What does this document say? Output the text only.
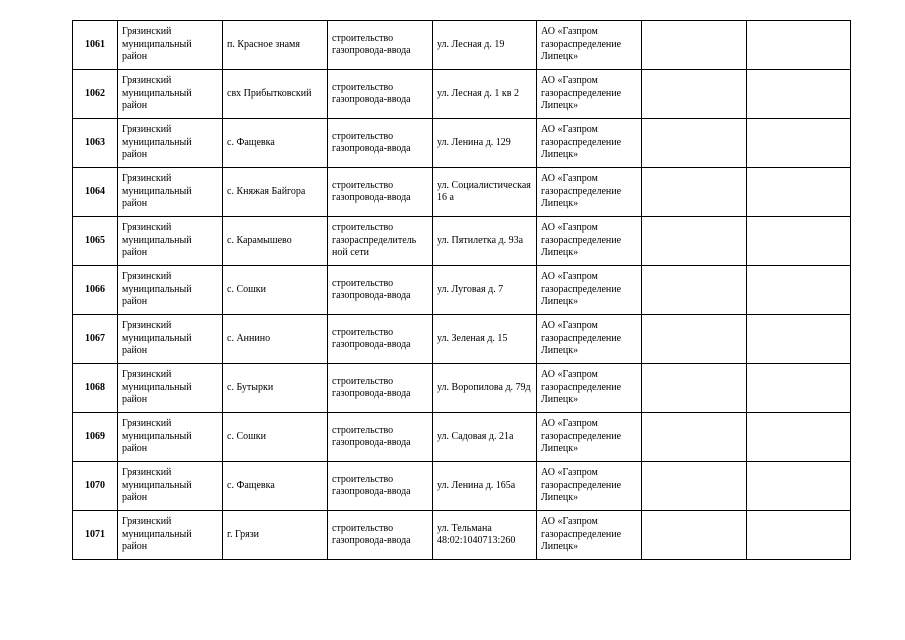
1061	Грязинский муниципальный район	п. Красное знамя	строительство газопровода-ввода	ул. Лесная д. 19	АО «Газпром газораспределение Липецк»		
1062	Грязинский муниципальный район	свх Прибытковский	строительство газопровода-ввода	ул. Лесная д. 1 кв 2	АО «Газпром газораспределение Липецк»		
1063	Грязинский муниципальный район	с. Фащевка	строительство газопровода-ввода	ул. Ленина д. 129	АО «Газпром газораспределение Липецк»		
1064	Грязинский муниципальный район	с. Княжая Байгора	строительство газопровода-ввода	ул. Социалистическая 16 а	АО «Газпром газораспределение Липецк»		
1065	Грязинский муниципальный район	с. Карамышево	строительство газораспределитель ной сети	ул. Пятилетка д. 93а	АО «Газпром газораспределение Липецк»		
1066	Грязинский муниципальный район	с. Сошки	строительство газопровода-ввода	ул. Луговая д. 7	АО «Газпром газораспределение Липецк»		
1067	Грязинский муниципальный район	с. Аннино	строительство газопровода-ввода	ул. Зеленая д. 15	АО «Газпром газораспределение Липецк»		
1068	Грязинский муниципальный район	с. Бутырки	строительство газопровода-ввода	ул. Воропилова д. 79д	АО «Газпром газораспределение Липецк»		
1069	Грязинский муниципальный район	с. Сошки	строительство газопровода-ввода	ул. Садовая д. 21а	АО «Газпром газораспределение Липецк»		
1070	Грязинский муниципальный район	с. Фащевка	строительство газопровода-ввода	ул. Ленина д. 165а	АО «Газпром газораспределение Липецк»		
1071	Грязинский муниципальный район	г. Грязи	строительство газопровода-ввода	ул. Тельмана 48:02:1040713:260	АО «Газпром газораспределение Липецк»		
